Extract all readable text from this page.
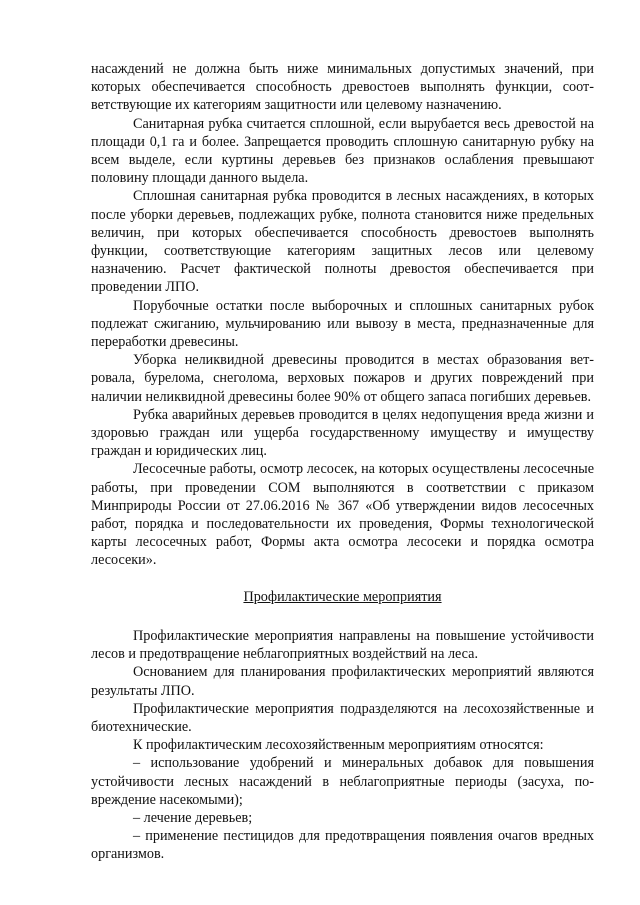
насаждений не должна быть ниже минимальных допустимых значений, при которых обеспечивается способность древостоев выполнять функции, соответствующие их категориям защитности или целевому назначению.

Санитарная рубка считается сплошной, если вырубается весь древостой на площади 0,1 га и более. Запрещается проводить сплошную санитарную рубку на всем выделе, если куртины деревьев без признаков ослабления превышают половину площади данного выдела.

Сплошная санитарная рубка проводится в лесных насаждениях, в которых после уборки деревьев, подлежащих рубке, полнота становится ниже предельных величин, при которых обеспечивается способность древостоев выполнять функции, соответствующие категориям защитных лесов или целевому назначению. Расчет фактической полноты древостоя обеспечивается при проведении ЛПО.

Порубочные остатки после выборочных и сплошных санитарных рубок подлежат сжиганию, мульчированию или вывозу в места, предназначенные для переработки древесины.

Уборка неликвидной древесины проводится в местах образования ветровала, бурелома, снеголома, верховых пожаров и других повреждений при наличии неликвидной древесины более 90% от общего запаса погибших деревьев.

Рубка аварийных деревьев проводится в целях недопущения вреда жизни и здоровью граждан или ущерба государственному имуществу и имуществу граждан и юридических лиц.

Лесосечные работы, осмотр лесосек, на которых осуществлены лесосечные работы, при проведении СОМ выполняются в соответствии с приказом Минприроды России от 27.06.2016 № 367 «Об утверждении видов лесосечных работ, порядка и последовательности их проведения, Формы технологической карты лесосечных работ, Формы акта осмотра лесосеки и порядка осмотра лесосеки».

Профилактические мероприятия

Профилактические мероприятия направлены на повышение устойчивости лесов и предотвращение неблагоприятных воздействий на леса.

Основанием для планирования профилактических мероприятий являются результаты ЛПО.

Профилактические мероприятия подразделяются на лесохозяйственные и биотехнические.

К профилактическим лесохозяйственным мероприятиям относятся:

– использование удобрений и минеральных добавок для повышения устойчивости лесных насаждений в неблагоприятные периоды (засуха, повреждение насекомыми);

– лечение деревьев;

– применение пестицидов для предотвращения появления очагов вредных организмов.
